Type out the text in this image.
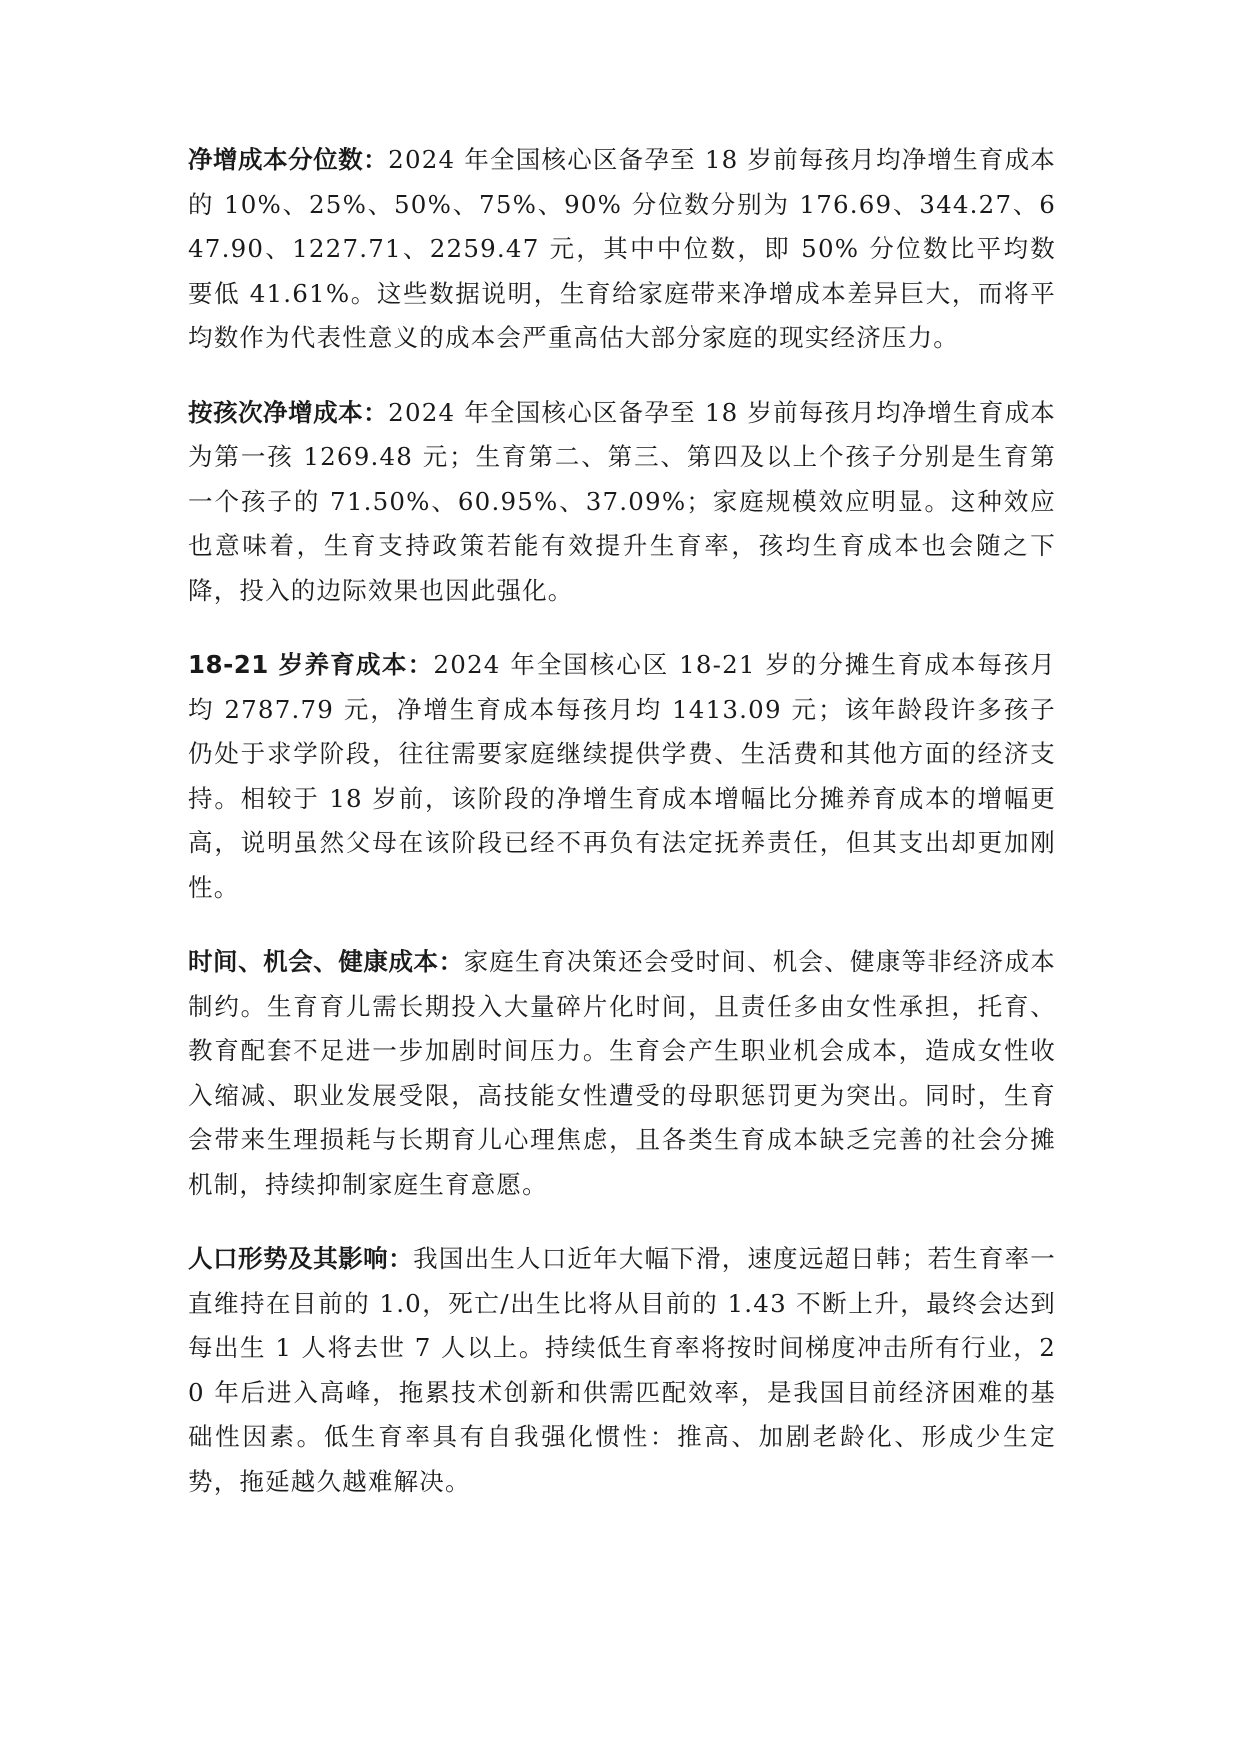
净增成本分位数：2024 年全国核心区备孕至 18 岁前每孩月均净增生育成本的 10%、25%、50%、75%、90% 分位数分别为 176.69、344.27、647.90、1227.71、2259.47 元，其中中位数，即 50% 分位数比平均数要低 41.61%。这些数据说明，生育给家庭带来净增成本差异巨大，而将平均数作为代表性意义的成本会严重高估大部分家庭的现实经济压力。

按孩次净增成本：2024 年全国核心区备孕至 18 岁前每孩月均净增生育成本为第一孩 1269.48 元；生育第二、第三、第四及以上个孩子分别是生育第一个孩子的 71.50%、60.95%、37.09%；家庭规模效应明显。这种效应也意味着，生育支持政策若能有效提升生育率，孩均生育成本也会随之下降，投入的边际效果也因此强化。

18-21 岁养育成本：2024 年全国核心区 18-21 岁的分摊生育成本每孩月均 2787.79 元，净增生育成本每孩月均 1413.09 元；该年龄段许多孩子仍处于求学阶段，往往需要家庭继续提供学费、生活费和其他方面的经济支持。相较于 18 岁前，该阶段的净增生育成本增幅比分摊养育成本的增幅更高，说明虽然父母在该阶段已经不再负有法定抚养责任，但其支出却更加刚性。

时间、机会、健康成本：家庭生育决策还会受时间、机会、健康等非经济成本制约。生育育儿需长期投入大量碎片化时间，且责任多由女性承担，托育、教育配套不足进一步加剧时间压力。生育会产生职业机会成本，造成女性收入缩减、职业发展受限，高技能女性遭受的母职惩罚更为突出。同时，生育会带来生理损耗与长期育儿心理焦虑，且各类生育成本缺乏完善的社会分摊机制，持续抑制家庭生育意愿。

人口形势及其影响：我国出生人口近年大幅下滑，速度远超日韩；若生育率一直维持在目前的 1.0，死亡/出生比将从目前的 1.43 不断上升，最终会达到每出生 1 人将去世 7 人以上。持续低生育率将按时间梯度冲击所有行业，20 年后进入高峰，拖累技术创新和供需匹配效率，是我国目前经济困难的基础性因素。低生育率具有自我强化惯性：推高、加剧老龄化、形成少生定势，拖延越久越难解决。
